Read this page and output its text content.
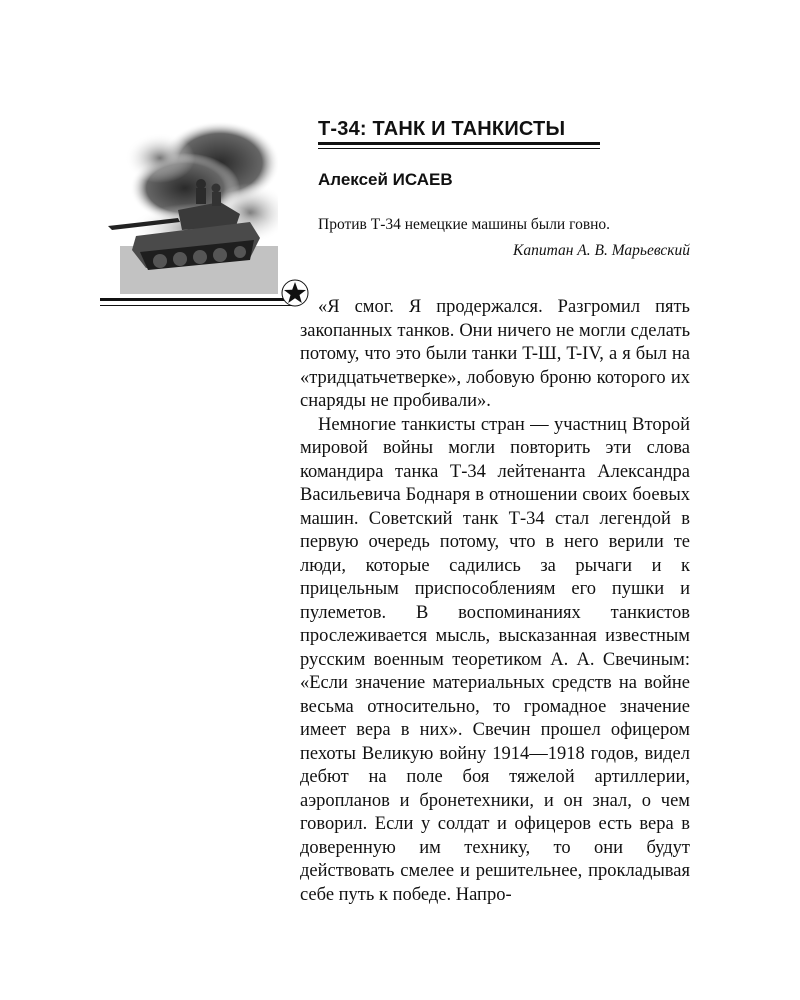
Т-34: ТАНК И ТАНКИСТЫ
Алексей ИСАЕВ

Против Т-34 немецкие машины были говно.

Капитан А. В. Марьевский

«Я смог. Я продержался. Разгромил пять закопанных танков. Они ничего не могли сделать потому, что это были танки T-Ш, T-IV, а я был на «тридцатьчетверке», лобовую броню которого их снаряды не пробивали».

Немногие танкисты стран — участниц Второй мировой войны могли повторить эти слова командира танка Т-34 лейтенанта Александра Васильевича Боднаря в отношении своих боевых машин. Советский танк Т-34 стал легендой в первую очередь потому, что в него верили те люди, которые садились за рычаги и к прицельным приспособлениям его пушки и пулеметов. В воспоминаниях танкистов прослеживается мысль, высказанная известным русским военным теоретиком А. А. Свечиным: «Если значение материальных средств на войне весьма относительно, то громадное значение имеет вера в них». Свечин прошел офицером пехоты Великую войну 1914—1918 годов, видел дебют на поле боя тяжелой артиллерии, аэропланов и бронетехники, и он знал, о чем говорил. Если у солдат и офицеров есть вера в доверенную им технику, то они будут действовать смелее и решительнее, прокладывая себе путь к победе. Напро-
